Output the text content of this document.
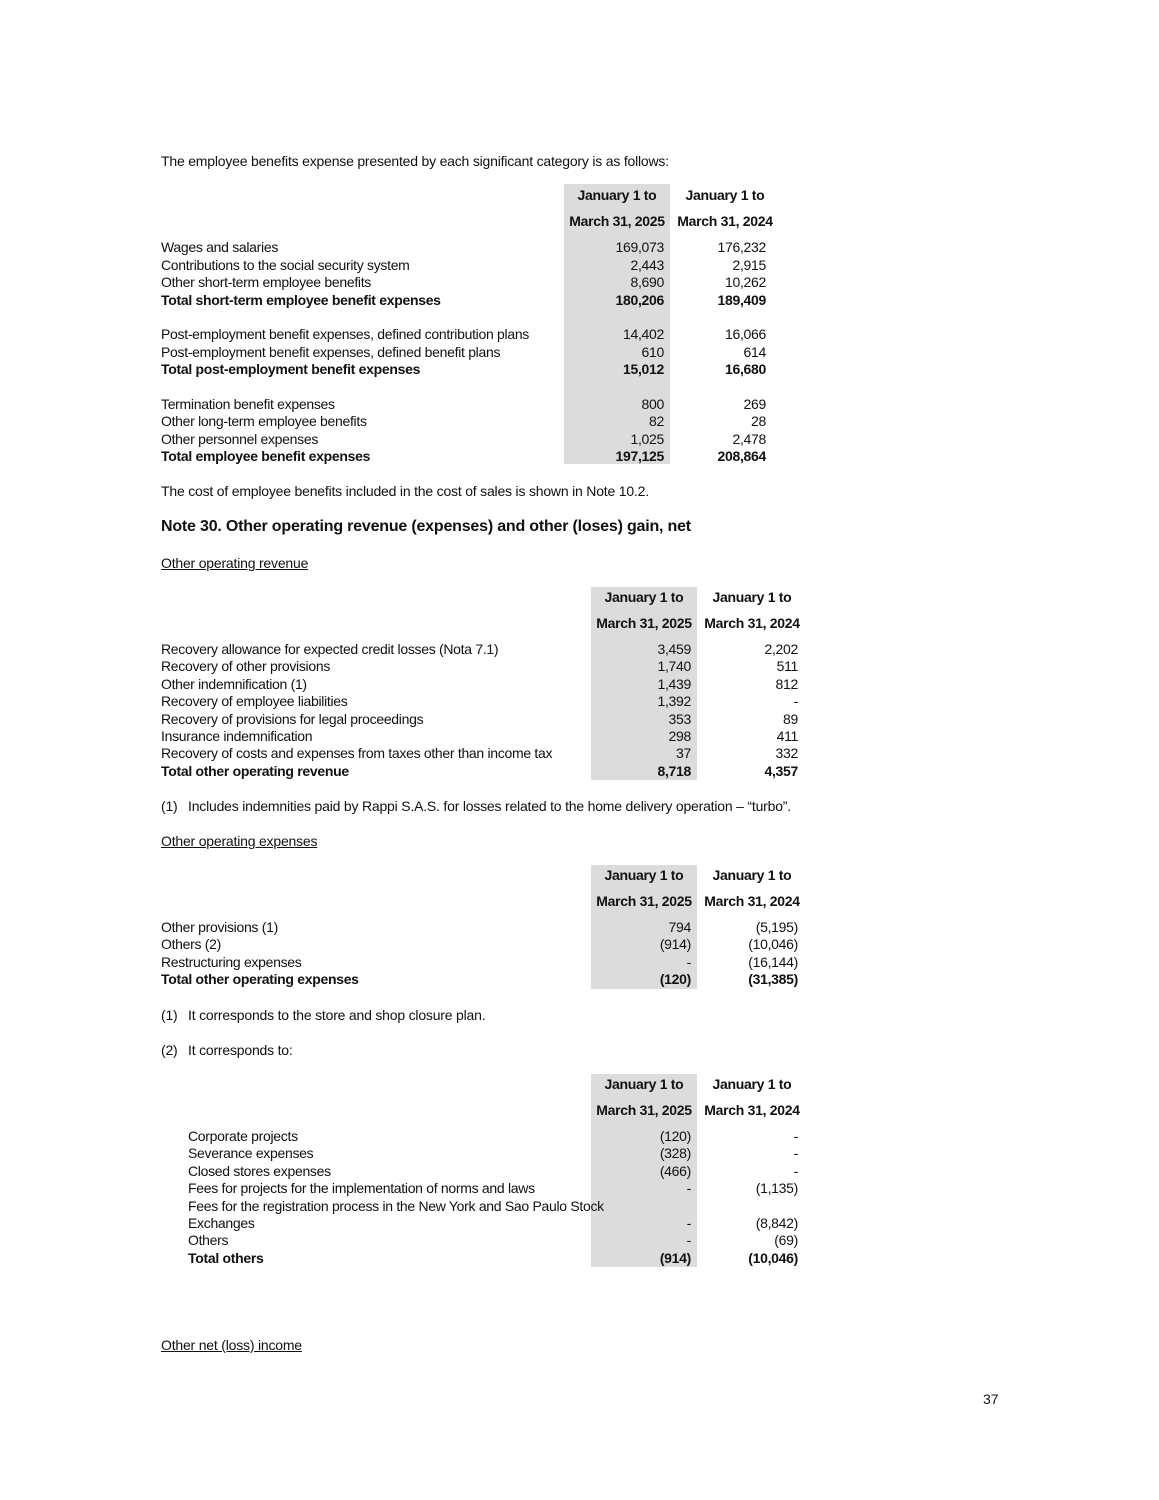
The employee benefits expense presented by each significant category is as follows:
January 1 to
March 31, 2025
January 1 to
March 31, 2024
Wages and salaries	169,073	176,232
Contributions to the social security system	2,443	2,915
Other short-term employee benefits	8,690	10,262
Total short-term employee benefit expenses	180,206	189,409
Post-employment benefit expenses, defined contribution plans	14,402	16,066
Post-employment benefit expenses, defined benefit plans	610	614
Total post-employment benefit expenses	15,012	16,680
Termination benefit expenses	800	269
Other long-term employee benefits	82	28
Other personnel expenses	1,025	2,478
Total employee benefit expenses	197,125	208,864
The cost of employee benefits included in the cost of sales is shown in Note 10.2.
Note 30. Other operating revenue (expenses) and other (loses) gain, net
Other operating revenue
January 1 to
March 31, 2025
January 1 to
March 31, 2024
Recovery allowance for expected credit losses (Nota 7.1)	3,459	2,202
Recovery of other provisions	1,740	511
Other indemnification (1)	1,439	812
Recovery of employee liabilities	1,392	-
Recovery of provisions for legal proceedings	353	89
Insurance indemnification	298	411
Recovery of costs and expenses from taxes other than income tax	37	332
Total other operating revenue	8,718	4,357
(1) Includes indemnities paid by Rappi S.A.S. for losses related to the home delivery operation – “turbo”.
Other operating expenses
January 1 to
March 31, 2025
January 1 to
March 31, 2024
Other provisions (1)	794	(5,195)
Others (2)	(914)	(10,046)
Restructuring expenses	-	(16,144)
Total other operating expenses	(120)	(31,385)
(1) It corresponds to the store and shop closure plan.
(2) It corresponds to:
January 1 to
March 31, 2025
January 1 to
March 31, 2024
Corporate projects	(120)	-
Severance expenses	(328)	-
Closed stores expenses	(466)	-
Fees for projects for the implementation of norms and laws	-	(1,135)
Fees for the registration process in the New York and Sao Paulo Stock
Exchanges	-	(8,842)
Others	-	(69)
Total others	(914)	(10,046)
Other net (loss) income
37
